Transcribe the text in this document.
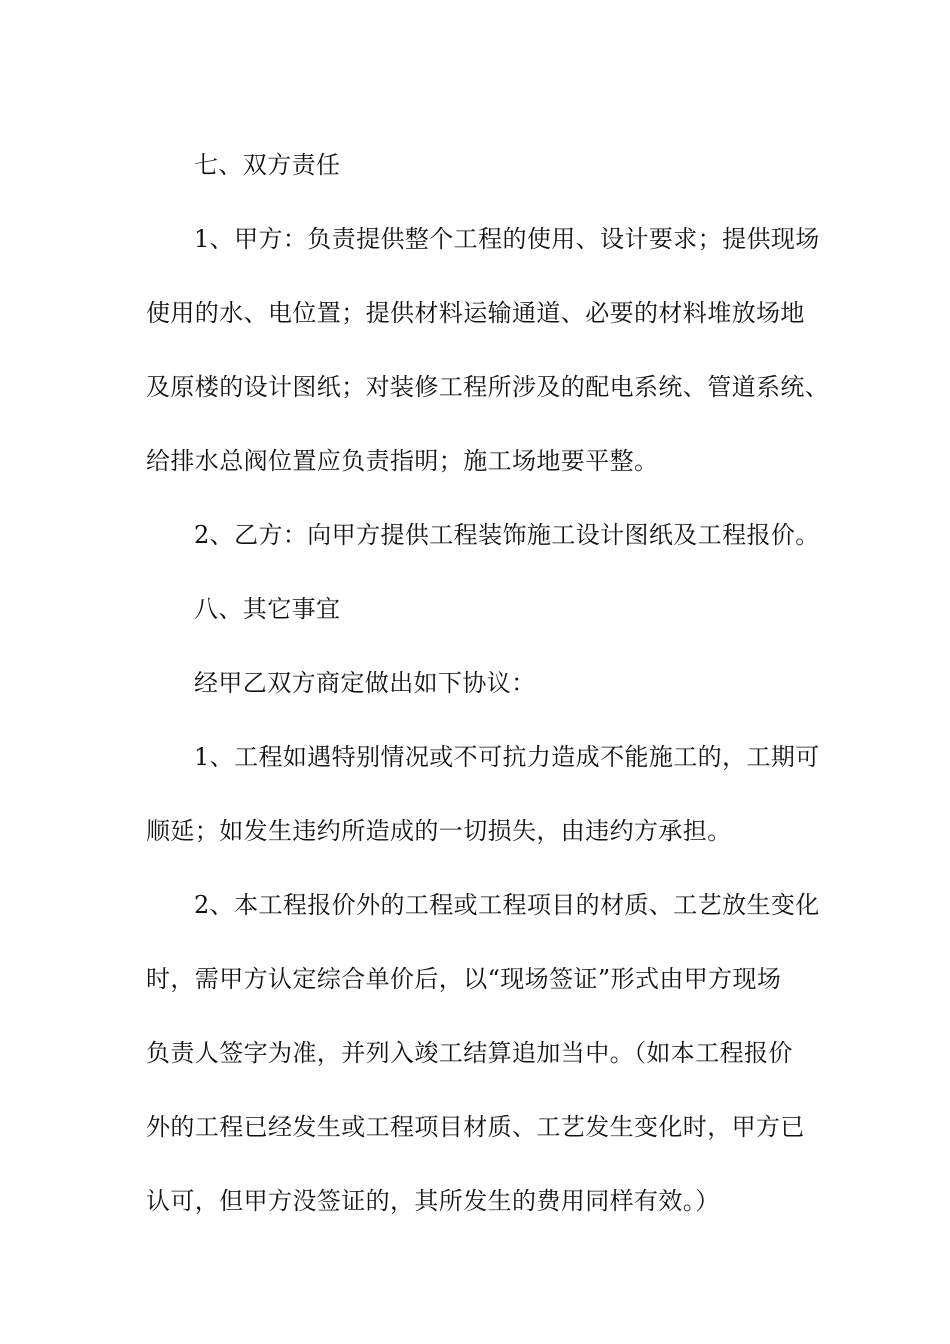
七、双方责任

1、甲方：负责提供整个工程的使用、设计要求；提供现场
使用的水、电位置；提供材料运输通道、必要的材料堆放场地
及原楼的设计图纸；对装修工程所涉及的配电系统、管道系统、
给排水总阀位置应负责指明；施工场地要平整。

2、乙方：向甲方提供工程装饰施工设计图纸及工程报价。

八、其它事宜

经甲乙双方商定做出如下协议：

1、工程如遇特别情况或不可抗力造成不能施工的，工期可
顺延；如发生违约所造成的一切损失，由违约方承担。

2、本工程报价外的工程或工程项目的材质、工艺放生变化
时，需甲方认定综合单价后，以“现场签证”形式由甲方现场
负责人签字为准，并列入竣工结算追加当中。（如本工程报价
外的工程已经发生或工程项目材质、工艺发生变化时，甲方已
认可，但甲方没签证的，其所发生的费用同样有效。）
